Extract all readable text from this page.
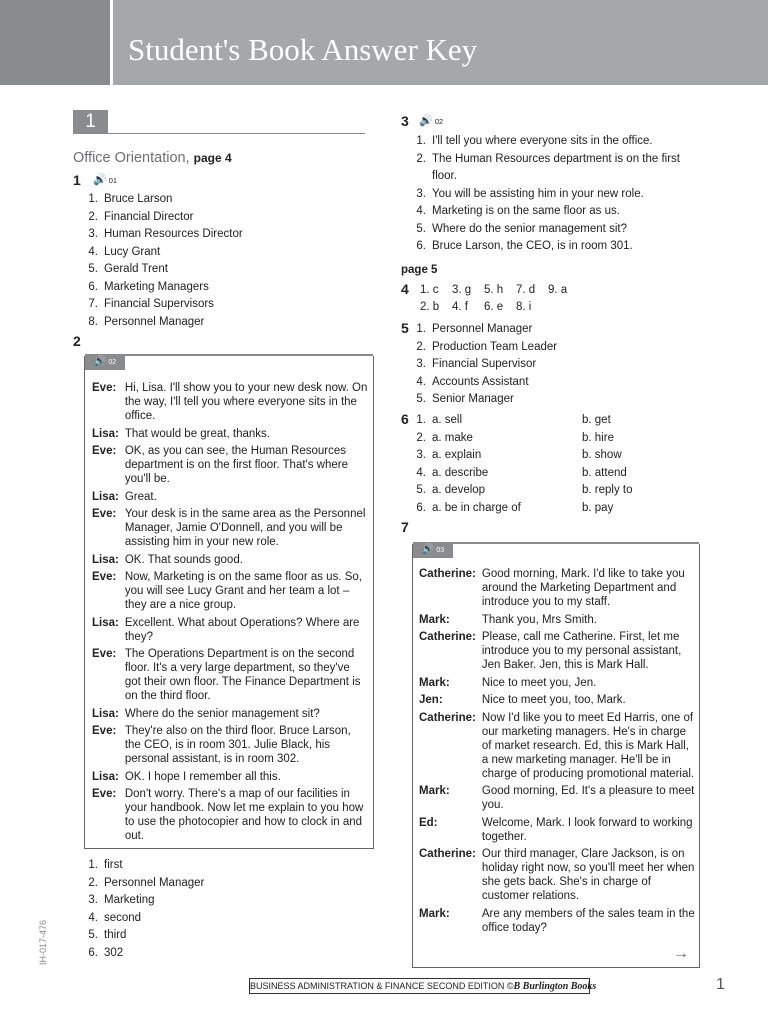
Student's Book Answer Key
1
Office Orientation, page 4
1 🔊 01
1. Bruce Larson
2. Financial Director
3. Human Resources Director
4. Lucy Grant
5. Gerald Trent
6. Marketing Managers
7. Financial Supervisors
8. Personnel Manager
2
🔊 02
Eve:	Hi, Lisa. I'll show you to your new desk now. On the way, I'll tell you where everyone sits in the office.
Lisa:	That would be great, thanks.
Eve:	OK, as you can see, the Human Resources department is on the first floor. That's where you'll be.
Lisa:	Great.
Eve:	Your desk is in the same area as the Personnel Manager, Jamie O'Donnell, and you will be assisting him in your new role.
Lisa:	OK. That sounds good.
Eve:	Now, Marketing is on the same floor as us. So, you will see Lucy Grant and her team a lot – they are a nice group.
Lisa:	Excellent. What about Operations? Where are they?
Eve:	The Operations Department is on the second floor. It's a very large department, so they've got their own floor. The Finance Department is on the third floor.
Lisa:	Where do the senior management sit?
Eve:	They're also on the third floor. Bruce Larson, the CEO, is in room 301. Julie Black, his personal assistant, is in room 302.
Lisa:	OK. I hope I remember all this.
Eve:	Don't worry. There's a map of our facilities in your handbook. Now let me explain to you how to use the photocopier and how to clock in and out.
1. first
2. Personnel Manager
3. Marketing
4. second
5. third
6. 302
3 🔊 02
1. I'll tell you where everyone sits in the office.
2. The Human Resources department is on the first floor.
3. You will be assisting him in your new role.
4. Marketing is on the same floor as us.
5. Where do the senior management sit?
6. Bruce Larson, the CEO, is in room 301.
page 5
4 1. c	3. g	5. h	7. d	9. a
2. b	4. f	6. e	8. i
5 1. Personnel Manager
2. Production Team Leader
3. Financial Supervisor
4. Accounts Assistant
5. Senior Manager
6 1. a. sell	b. get
2. a. make	b. hire
3. a. explain	b. show
4. a. describe	b. attend
5. a. develop	b. reply to
6. a. be in charge of	b. pay
7
🔊 03
Catherine:	Good morning, Mark. I'd like to take you around the Marketing Department and introduce you to my staff.
Mark:	Thank you, Mrs Smith.
Catherine:	Please, call me Catherine. First, let me introduce you to my personal assistant, Jen Baker. Jen, this is Mark Hall.
Mark:	Nice to meet you, Jen.
Jen:	Nice to meet you, too, Mark.
Catherine:	Now I'd like you to meet Ed Harris, one of our marketing managers. He's in charge of market research. Ed, this is Mark Hall, a new marketing manager. He'll be in charge of producing promotional material.
Mark:	Good morning, Ed. It's a pleasure to meet you.
Ed:	Welcome, Mark. I look forward to working together.
Catherine:	Our third manager, Clare Jackson, is on holiday right now, so you'll meet her when she gets back. She's in charge of customer relations.
Mark:	Are any members of the sales team in the office today?
→
IH-017-476
BUSINESS ADMINISTRATION & FINANCE SECOND EDITION ©B Burlington Books	1
